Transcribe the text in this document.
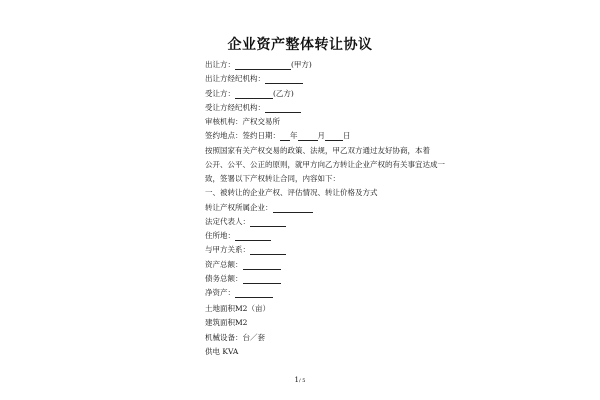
企业资产整体转让协议
出让方：	(甲方)
出让方经纪机构：
受让方：	(乙方)
受让方经纪机构：
审核机构：产权交易所
签约地点：签约日期： 年	月 日
按照国家有关产权交易的政策、法规，甲乙双方通过友好协商，本着
公开、公平、公正的原则，就甲方向乙方转让企业产权的有关事宜达成一
致，签署以下产权转让合同，内容如下：
一、被转让的企业产权、评估情况、转让价格及方式
转让产权所属企业：
法定代表人：
住所地：
与甲方关系：
资产总额：
债务总额：
净资产：
土地面积M2（亩）
建筑面积M2
机械设备：台／套
供电 KVA
1/ 5
